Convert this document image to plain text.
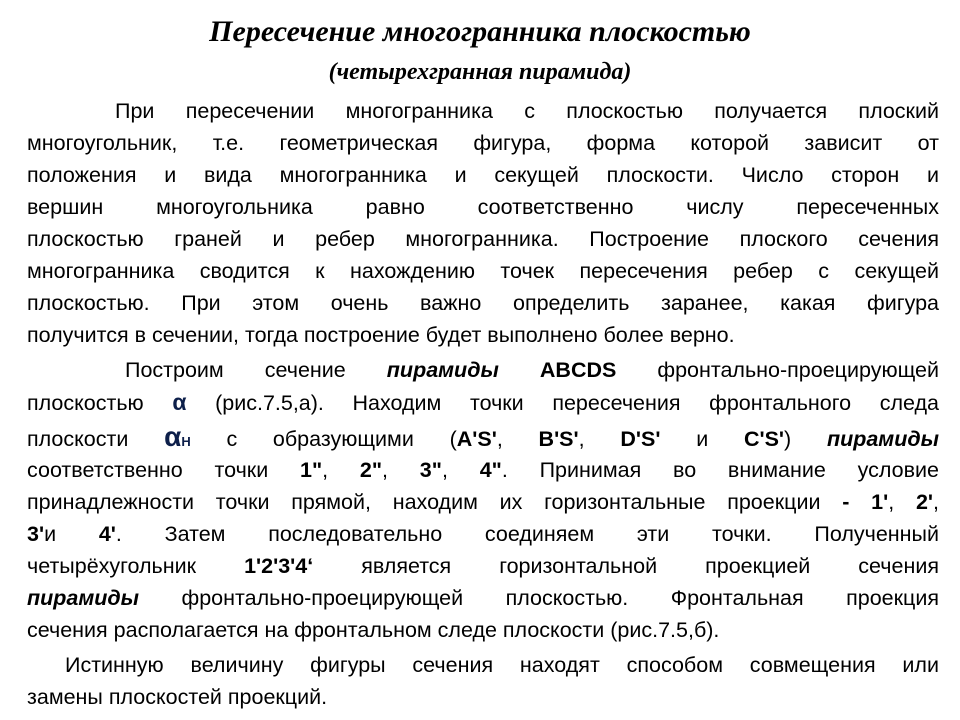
Пересечение многогранника плоскостью
(четырехгранная пирамида)
При пересечении многогранника с плоскостью получается плоский
многоугольник, т.е. геометрическая фигура, форма которой зависит от
положения и вида многогранника и секущей плоскости. Число сторон и
вершин многоугольника равно соответственно числу пересеченных
плоскостью граней и ребер многогранника. Построение плоского сечения
многогранника сводится к нахождению точек пересечения ребер с секущей
плоскостью. При этом очень важно определить заранее, какая фигура
получится в сечении, тогда построение будет выполнено более верно.
Построим сечение пирамиды ABCDS фронтально-проецирующей
плоскостью α (рис.7.5,а). Находим точки пересечения фронтального следа
плоскости αН с образующими (A'S', B'S', D'S' и C'S') пирамиды
соответственно точки 1", 2", 3", 4". Принимая во внимание условие
принадлежности точки прямой, находим их горизонтальные проекции - 1', 2',
3'и 4'. Затем последовательно соединяем эти точки. Полученный
четырёхугольник 1'2'3'4‘ является горизонтальной проекцией сечения
пирамиды фронтально-проецирующей плоскостью. Фронтальная проекция
сечения располагается на фронтальном следе плоскости (рис.7.5,б).
Истинную величину фигуры сечения находят способом совмещения или
замены плоскостей проекций.
